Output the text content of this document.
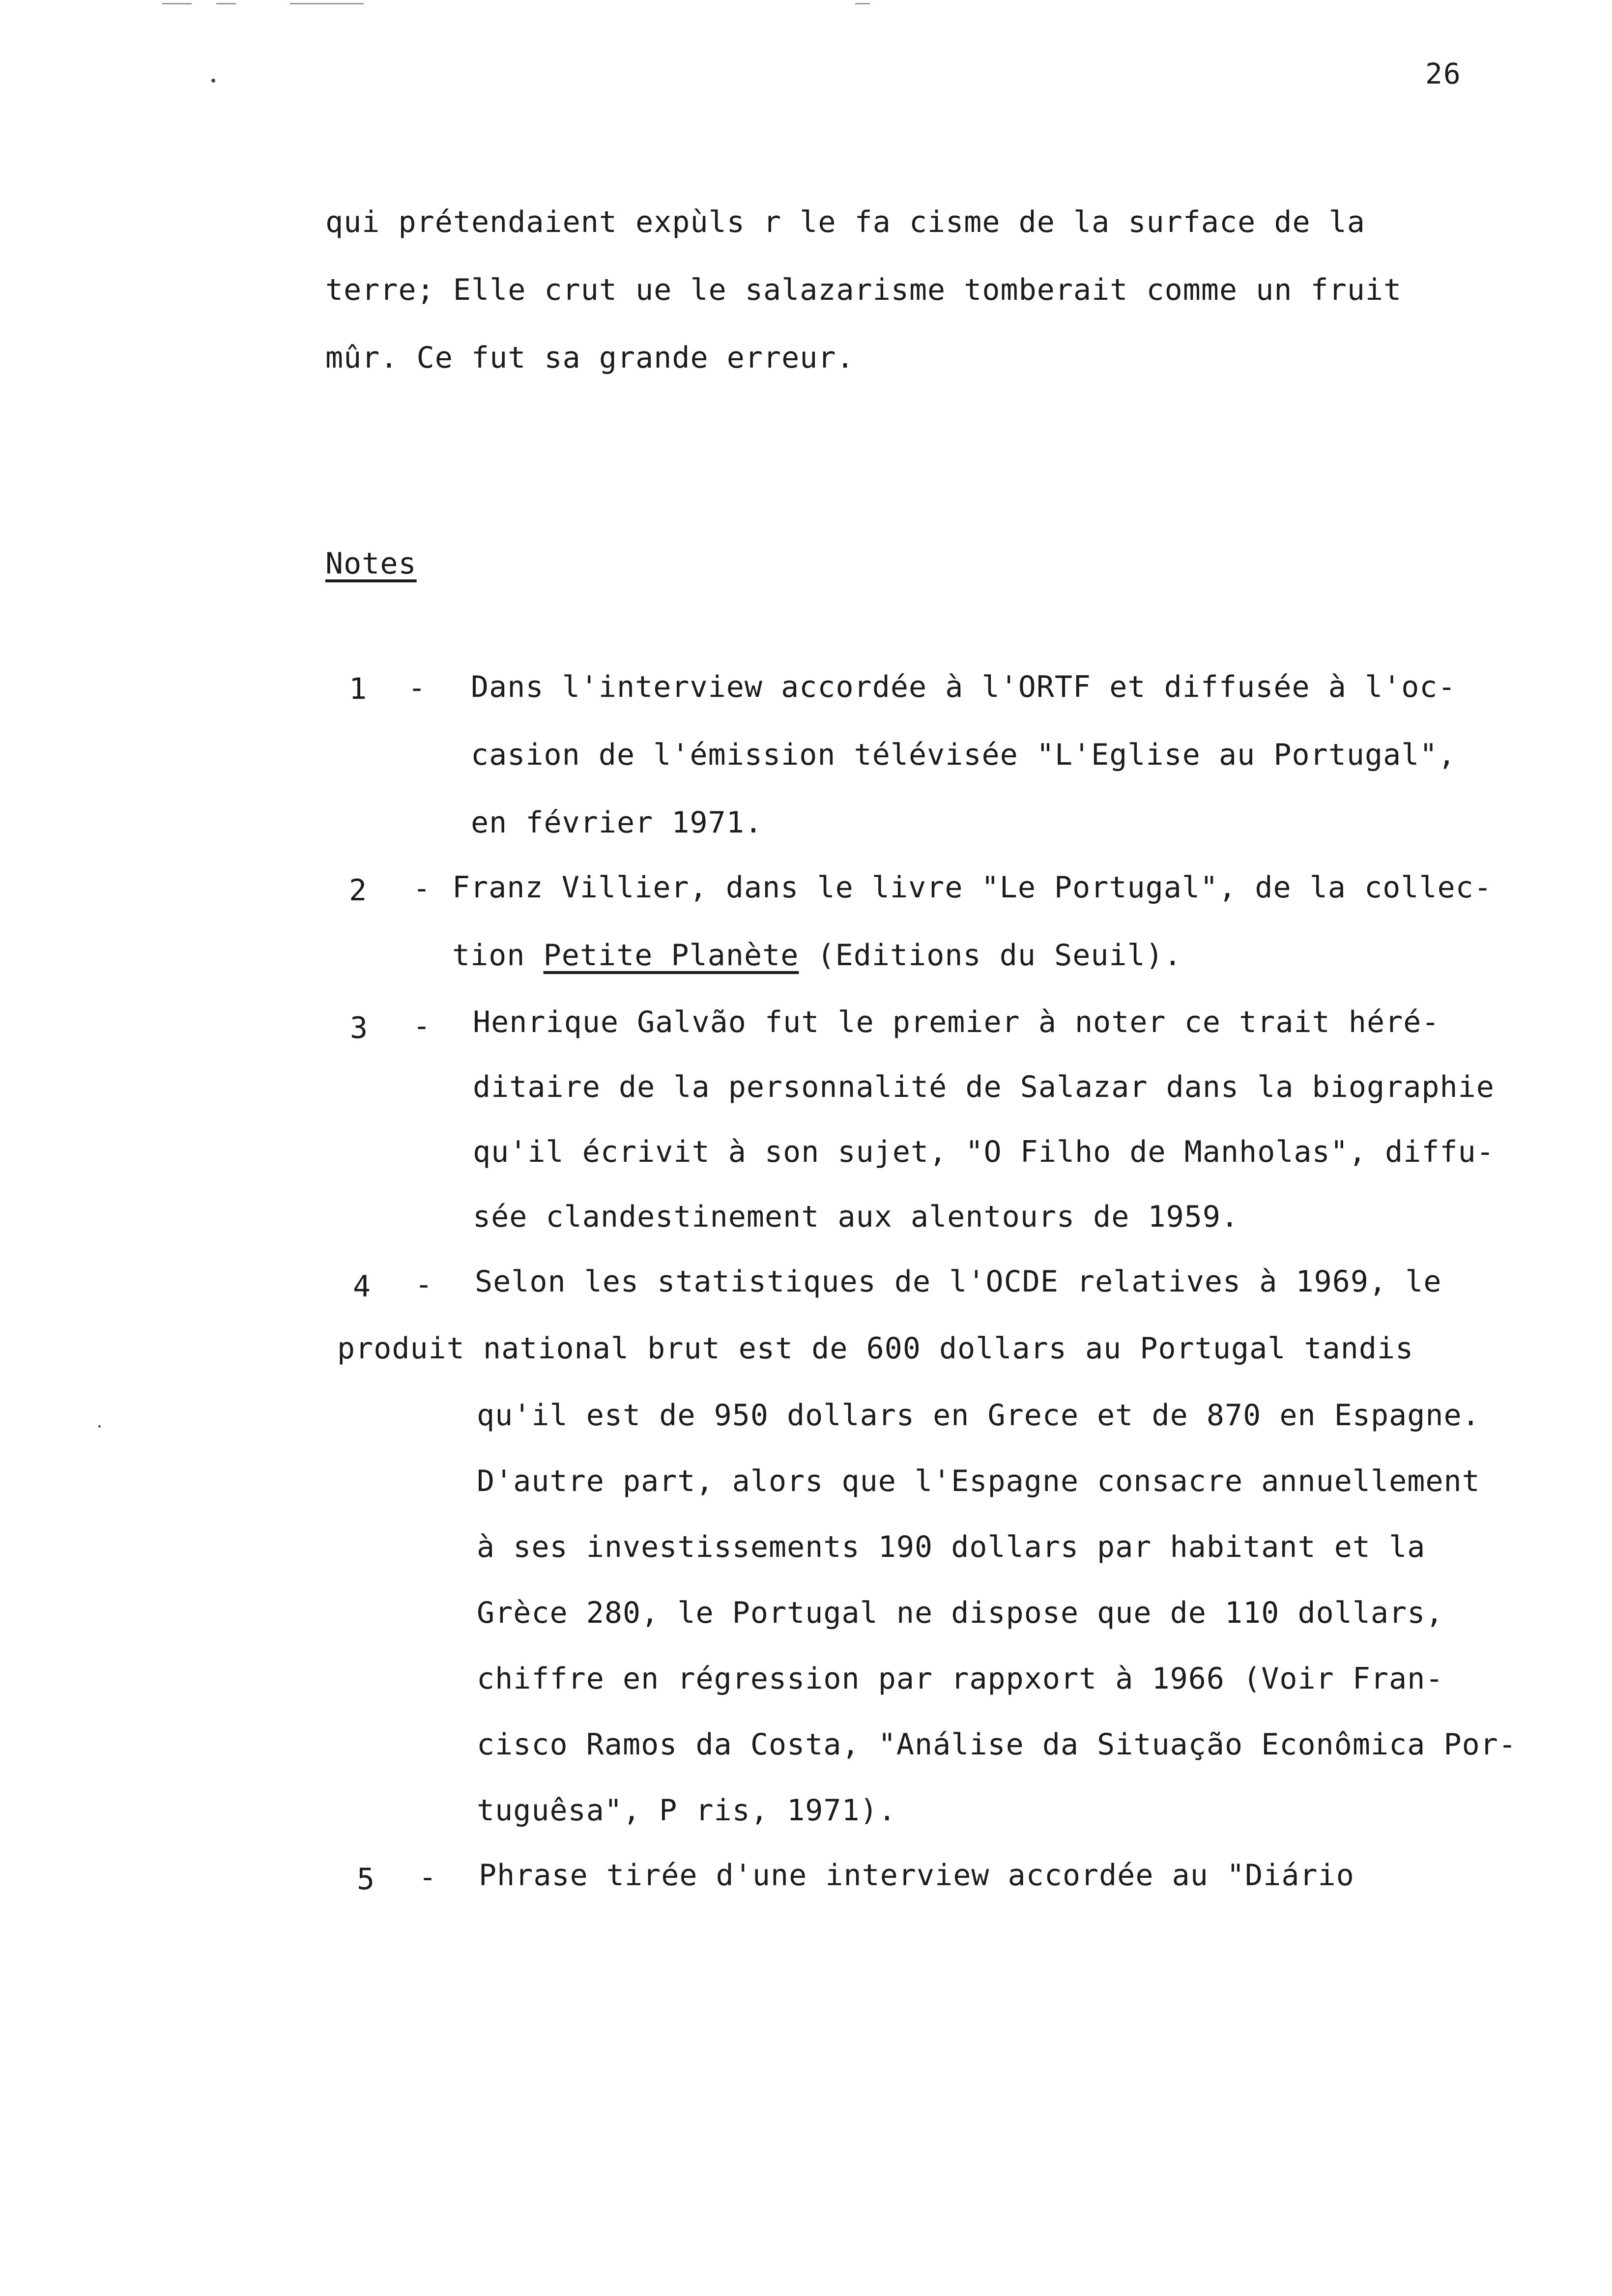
26
qui prétendaient expùls r le fa cisme de la surface de la
terre; Elle crut ue le salazarisme tomberait comme un fruit
mûr. Ce fut sa grande erreur.
Notes
1 - Dans l'interview accordée à l'ORTF et diffusée à l'oc-
casion de l'émission télévisée "L'Eglise au Portugal",
en février 1971.
2 - Franz Villier, dans le livre "Le Portugal", de la collec-
tion Petite Planète (Editions du Seuil).
3 - Henrique Galvão fut le premier à noter ce trait héré-
ditaire de la personnalité de Salazar dans la biographie
qu'il écrivit à son sujet, "O Filho de Manholas", diffu-
sée clandestinement aux alentours de 1959.
4 - Selon les statistiques de l'OCDE relatives à 1969, le
produit national brut est de 600 dollars au Portugal tandis
qu'il est de 950 dollars en Grece et de 870 en Espagne.
D'autre part, alors que l'Espagne consacre annuellement
à ses investissements 190 dollars par habitant et la
Grèce 280, le Portugal ne dispose que de 110 dollars,
chiffre en régression par rappxort à 1966 (Voir Fran-
cisco Ramos da Costa, "Análise da Situação Econômica Por-
tuguêsa", P ris, 1971).
5 - Phrase tirée d'une interview accordée au "Diário
